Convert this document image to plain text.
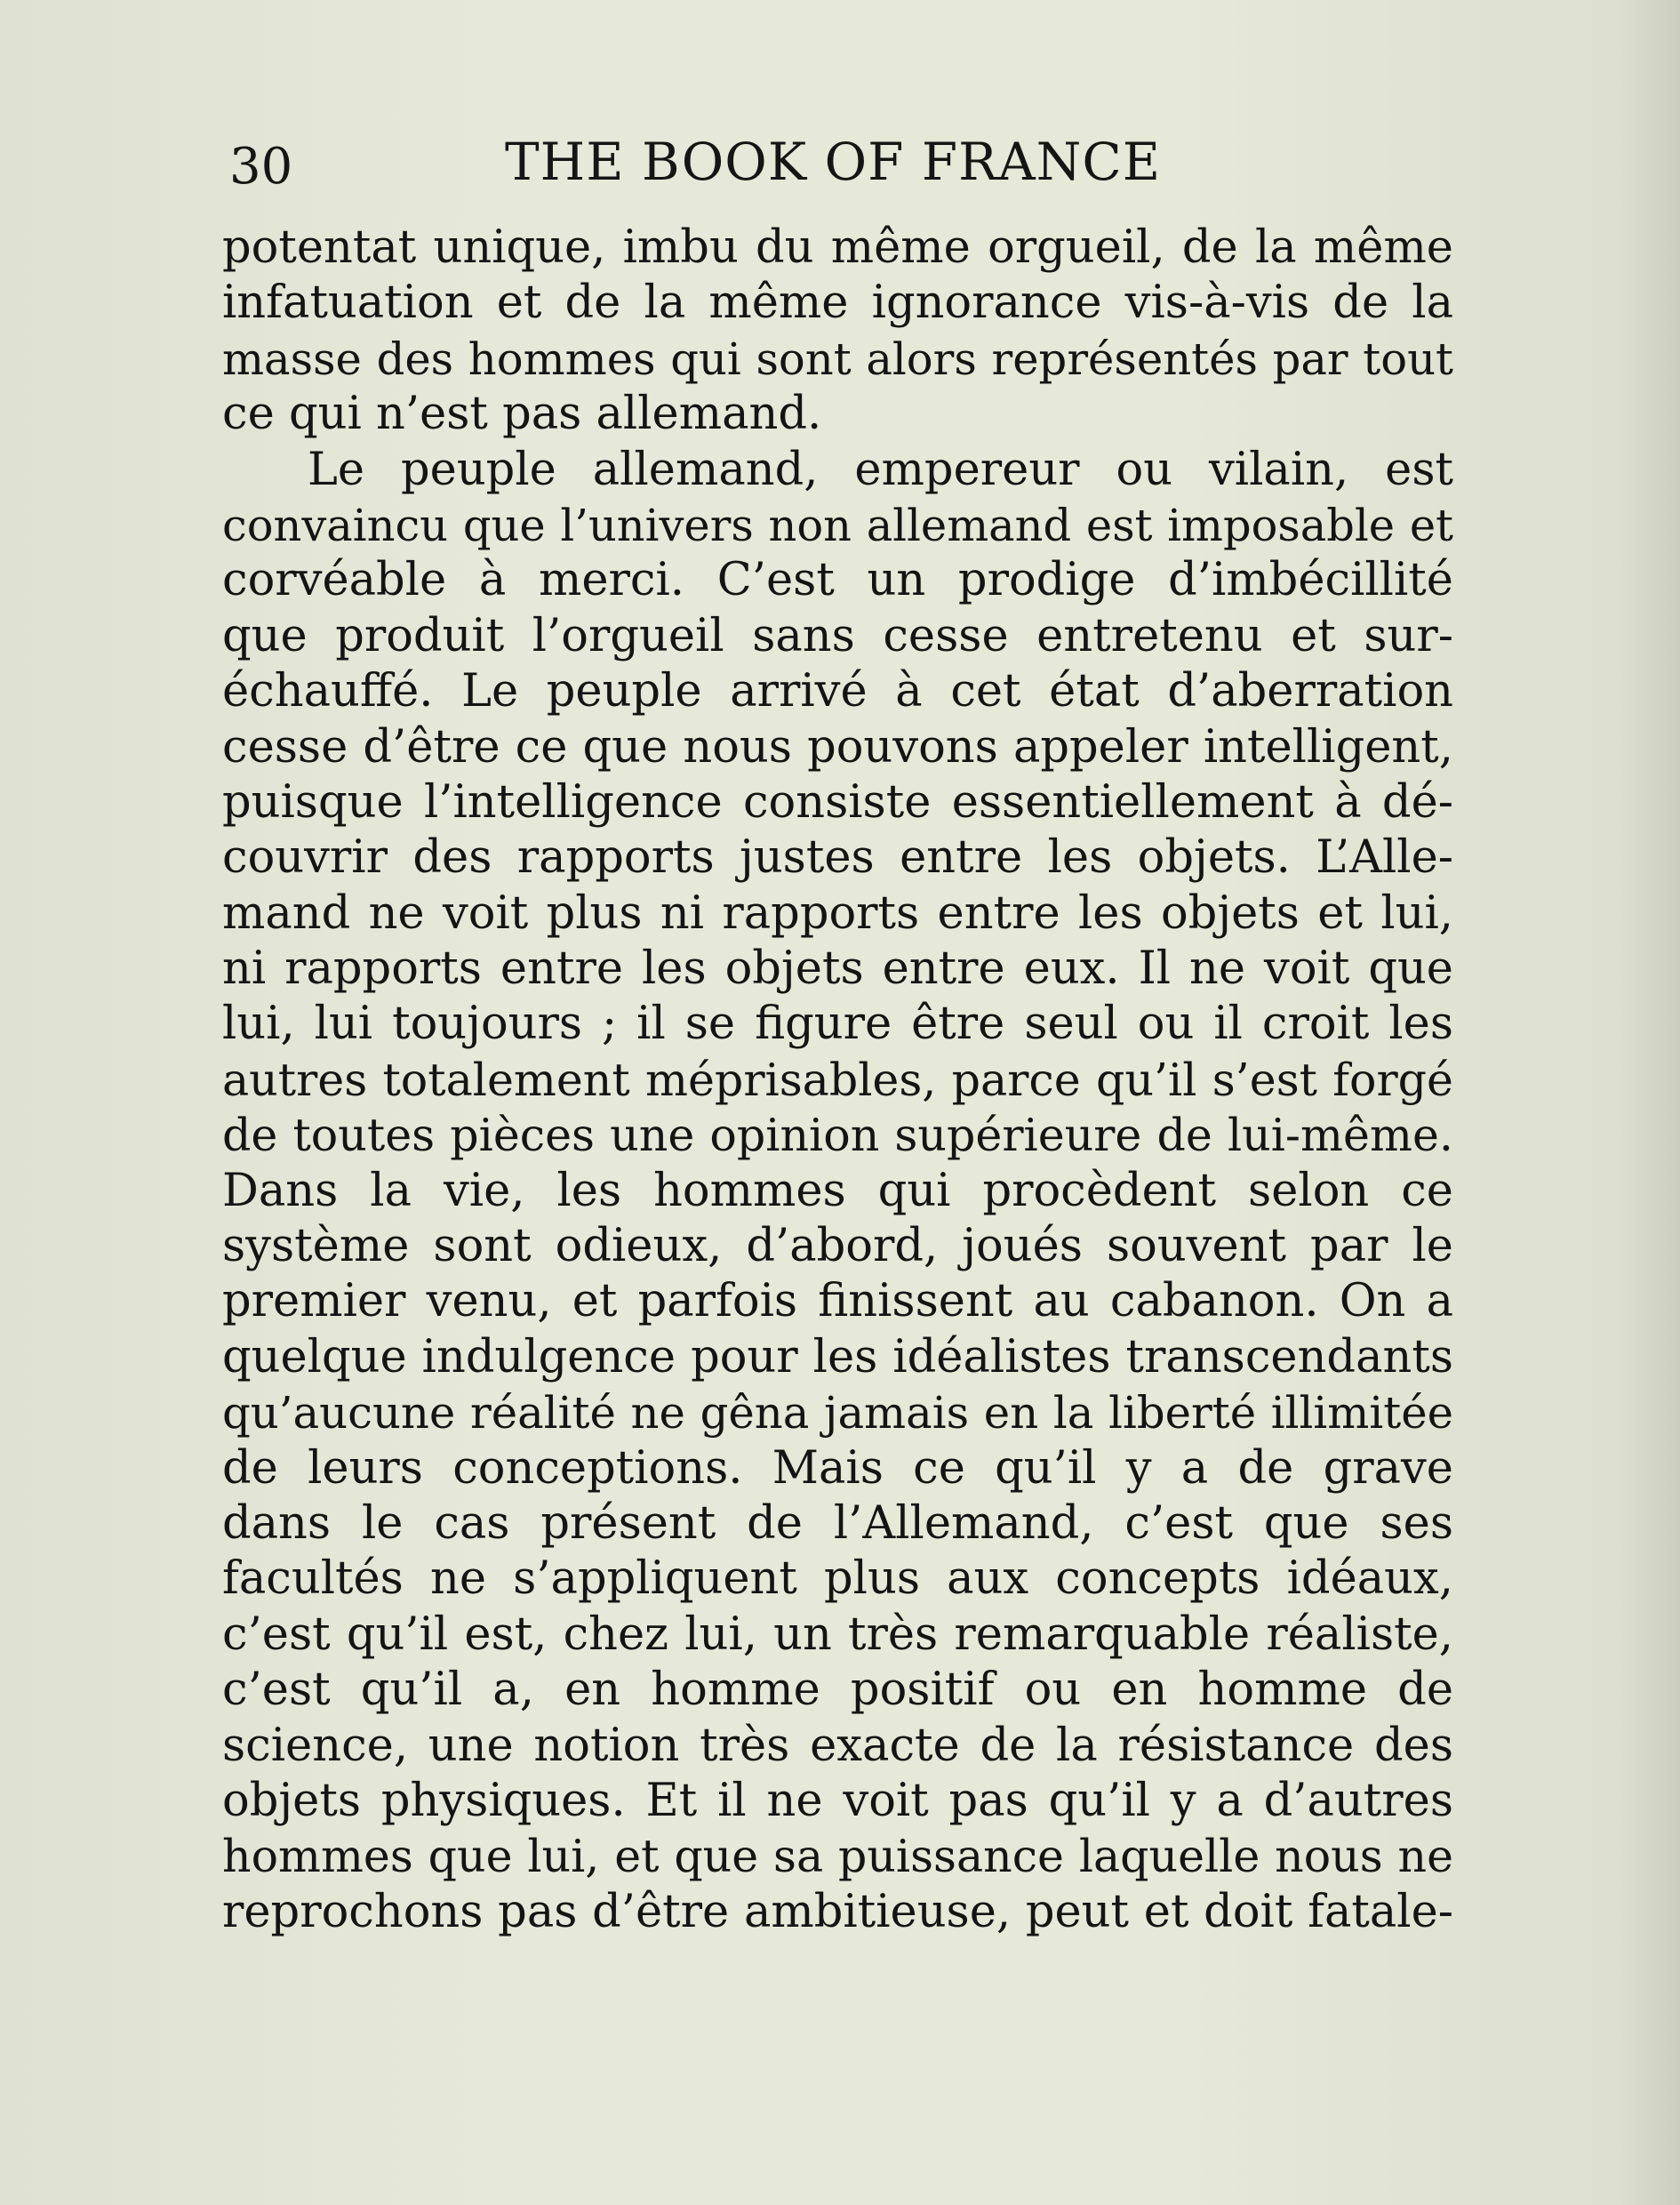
30	THE BOOK OF FRANCE
potentat unique, imbu du même orgueil, de la même
infatuation et de la même ignorance vis-à-vis de la
masse des hommes qui sont alors représentés par tout
ce qui n’est pas allemand.
Le peuple allemand, empereur ou vilain, est
convaincu que l’univers non allemand est imposable et
corvéable à merci. C’est un prodige d’imbécillité
que produit l’orgueil sans cesse entretenu et sur-
échauffé. Le peuple arrivé à cet état d’aberration
cesse d’être ce que nous pouvons appeler intelligent,
puisque l’intelligence consiste essentiellement à dé-
couvrir des rapports justes entre les objets. L’Alle-
mand ne voit plus ni rapports entre les objets et lui,
ni rapports entre les objets entre eux. Il ne voit que
lui, lui toujours ; il se figure être seul ou il croit les
autres totalement méprisables, parce qu’il s’est forgé
de toutes pièces une opinion supérieure de lui-même.
Dans la vie, les hommes qui procèdent selon ce
système sont odieux, d’abord, joués souvent par le
premier venu, et parfois finissent au cabanon. On a
quelque indulgence pour les idéalistes transcendants
qu’aucune réalité ne gêna jamais en la liberté illimitée
de leurs conceptions. Mais ce qu’il y a de grave
dans le cas présent de l’Allemand, c’est que ses
facultés ne s’appliquent plus aux concepts idéaux,
c’est qu’il est, chez lui, un très remarquable réaliste,
c’est qu’il a, en homme positif ou en homme de
science, une notion très exacte de la résistance des
objets physiques. Et il ne voit pas qu’il y a d’autres
hommes que lui, et que sa puissance laquelle nous ne
reprochons pas d’être ambitieuse, peut et doit fatale-
